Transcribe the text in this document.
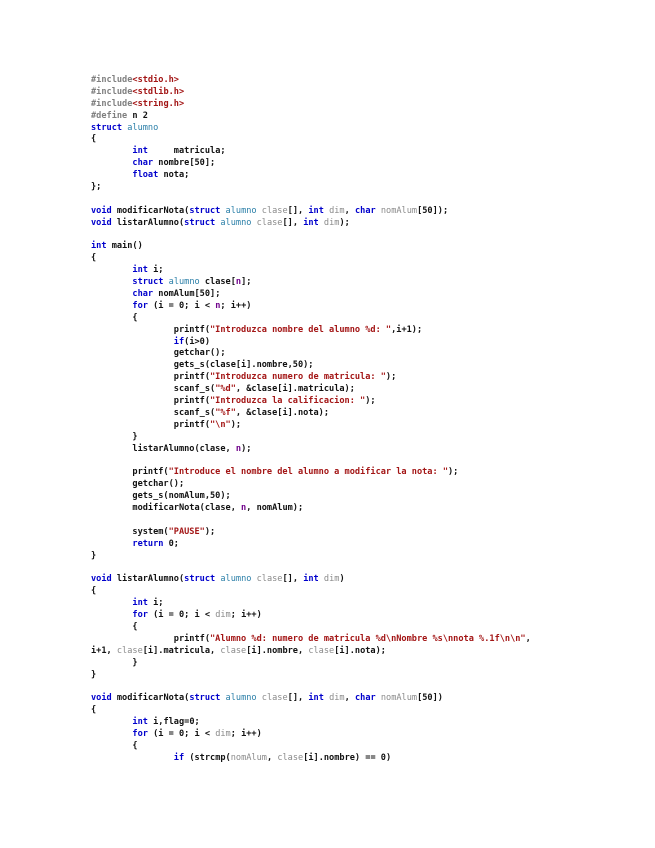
#include<stdio.h>
#include<stdlib.h>
#include<string.h>
#define n 2
struct alumno
{
int     matricula;
char nombre[50];
float nota;
};
void modificarNota(struct alumno clase[], int dim, char nomAlum[50]);
void listarAlumno(struct alumno clase[], int dim);
int main()
{
int i;
struct alumno clase[n];
char nomAlum[50];
for (i = 0; i < n; i++)
{
printf("Introduzca nombre del alumno %d: ",i+1);
if(i>0)
getchar();
gets_s(clase[i].nombre,50);
printf("Introduzca numero de matricula: ");
scanf_s("%d", &clase[i].matricula);
printf("Introduzca la calificacion: ");
scanf_s("%f", &clase[i].nota);
printf("\n");
}
listarAlumno(clase, n);
printf("Introduce el nombre del alumno a modificar la nota: ");
getchar();
gets_s(nomAlum,50);
modificarNota(clase, n, nomAlum);
system("PAUSE");
return 0;
}
void listarAlumno(struct alumno clase[], int dim)
{
int i;
for (i = 0; i < dim; i++)
{
printf("Alumno %d: numero de matricula %d\nNombre %s\nnota %.1f\n\n",
i+1, clase[i].matricula, clase[i].nombre, clase[i].nota);
}
}
void modificarNota(struct alumno clase[], int dim, char nomAlum[50])
{
int i,flag=0;
for (i = 0; i < dim; i++)
{
if (strcmp(nomAlum, clase[i].nombre) == 0)
